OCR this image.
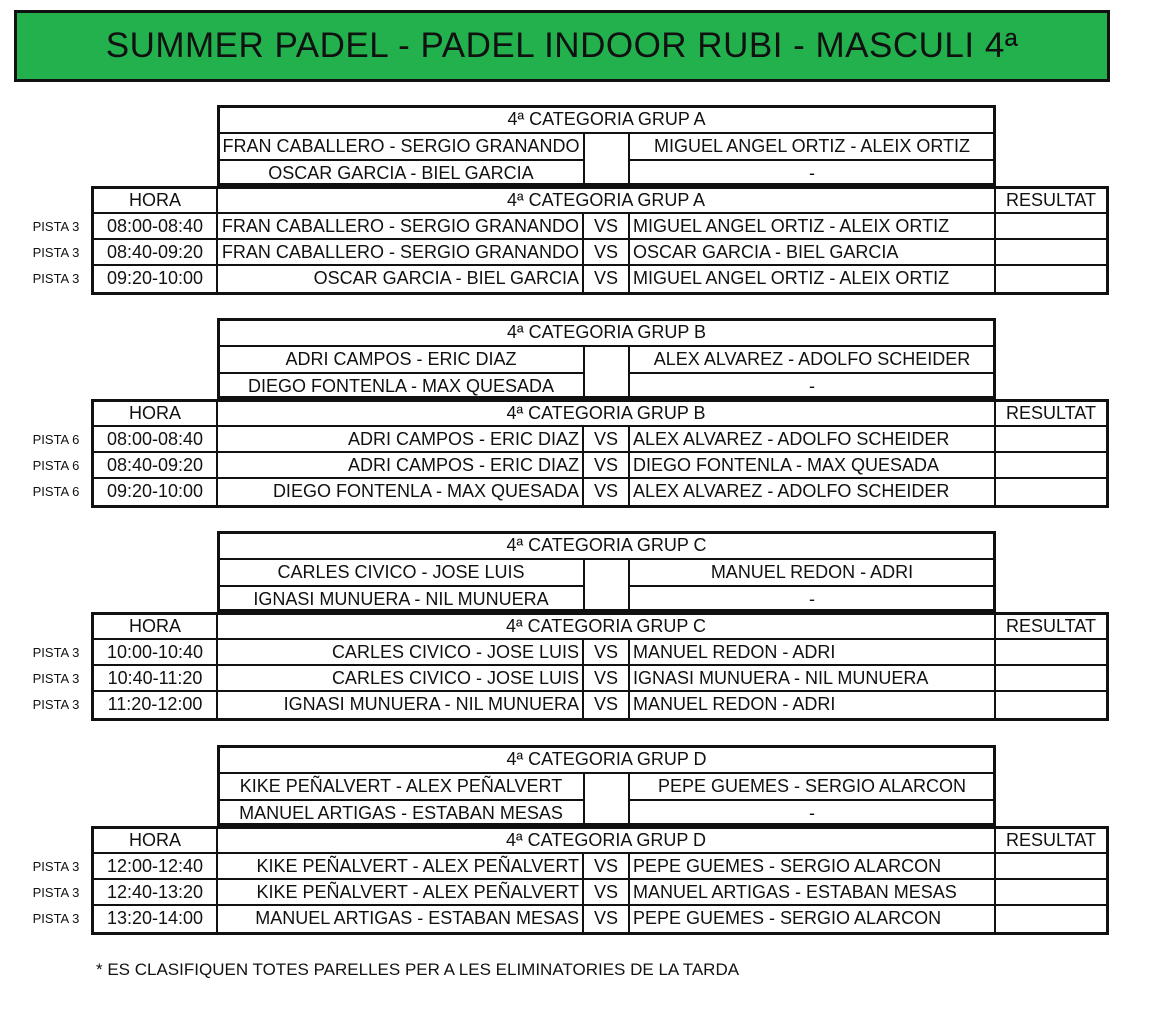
SUMMER PADEL - PADEL INDOOR RUBI - MASCULI 4ª
4ª CATEGORIA GRUP A
FRAN CABALLERO - SERGIO GRANANDO	MIGUEL ANGEL ORTIZ - ALEIX ORTIZ
OSCAR GARCIA - BIEL GARCIA	-
HORA	4ª CATEGORIA GRUP A	RESULTAT
PISTA 3	08:00-08:40	FRAN CABALLERO - SERGIO GRANANDO VS MIGUEL ANGEL ORTIZ - ALEIX ORTIZ
PISTA 3	08:40-09:20	FRAN CABALLERO - SERGIO GRANANDO VS OSCAR GARCIA - BIEL GARCIA
PISTA 3	09:20-10:00	OSCAR GARCIA - BIEL GARCIA VS MIGUEL ANGEL ORTIZ - ALEIX ORTIZ
4ª CATEGORIA GRUP B
ADRI CAMPOS - ERIC DIAZ	ALEX ALVAREZ - ADOLFO SCHEIDER
DIEGO FONTENLA - MAX QUESADA	-
HORA	4ª CATEGORIA GRUP B	RESULTAT
PISTA 6	08:00-08:40	ADRI CAMPOS - ERIC DIAZ VS ALEX ALVAREZ - ADOLFO SCHEIDER
PISTA 6	08:40-09:20	ADRI CAMPOS - ERIC DIAZ VS DIEGO FONTENLA - MAX QUESADA
PISTA 6	09:20-10:00	DIEGO FONTENLA - MAX QUESADA VS ALEX ALVAREZ - ADOLFO SCHEIDER
4ª CATEGORIA GRUP C
CARLES CIVICO - JOSE LUIS	MANUEL REDON - ADRI
IGNASI MUNUERA - NIL MUNUERA	-
HORA	4ª CATEGORIA GRUP C	RESULTAT
PISTA 3	10:00-10:40	CARLES CIVICO - JOSE LUIS VS MANUEL REDON - ADRI
PISTA 3	10:40-11:20	CARLES CIVICO - JOSE LUIS VS IGNASI MUNUERA - NIL MUNUERA
PISTA 3	11:20-12:00	IGNASI MUNUERA - NIL MUNUERA VS MANUEL REDON - ADRI
4ª CATEGORIA GRUP D
KIKE PEÑALVERT - ALEX PEÑALVERT	PEPE GUEMES - SERGIO ALARCON
MANUEL ARTIGAS - ESTABAN MESAS	-
HORA	4ª CATEGORIA GRUP D	RESULTAT
PISTA 3	12:00-12:40	KIKE PEÑALVERT - ALEX PEÑALVERT VS PEPE GUEMES - SERGIO ALARCON
PISTA 3	12:40-13:20	KIKE PEÑALVERT - ALEX PEÑALVERT VS MANUEL ARTIGAS - ESTABAN MESAS
PISTA 3	13:20-14:00	MANUEL ARTIGAS - ESTABAN MESAS VS PEPE GUEMES - SERGIO ALARCON
* ES CLASIFIQUEN TOTES PARELLES PER A LES ELIMINATORIES DE LA TARDA
